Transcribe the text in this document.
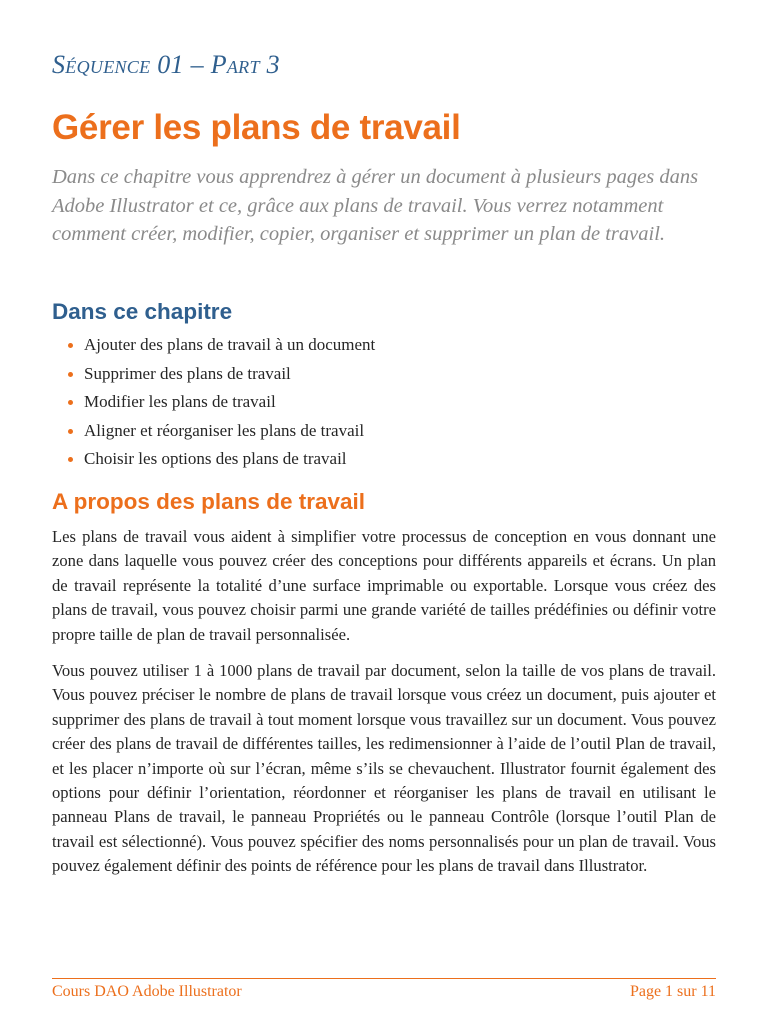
Séquence 01 – Part 3
Gérer les plans de travail
Dans ce chapitre vous apprendrez à gérer un document à plusieurs pages dans Adobe Illustrator et ce, grâce aux plans de travail. Vous verrez notamment comment créer, modifier, copier, organiser et supprimer un plan de travail.
Dans ce chapitre
Ajouter des plans de travail à un document
Supprimer des plans de travail
Modifier les plans de travail
Aligner et réorganiser les plans de travail
Choisir les options des plans de travail
A propos des plans de travail

Les plans de travail vous aident à simplifier votre processus de conception en vous donnant une zone dans laquelle vous pouvez créer des conceptions pour différents appareils et écrans. Un plan de travail représente la totalité d’une surface imprimable ou exportable. Lorsque vous créez des plans de travail, vous pouvez choisir parmi une grande variété de tailles prédéfinies ou définir votre propre taille de plan de travail personnalisée.

Vous pouvez utiliser 1 à 1000 plans de travail par document, selon la taille de vos plans de travail. Vous pouvez préciser le nombre de plans de travail lorsque vous créez un document, puis ajouter et supprimer des plans de travail à tout moment lorsque vous travaillez sur un document. Vous pouvez créer des plans de travail de différentes tailles, les redimensionner à l’aide de l’outil Plan de travail, et les placer n’importe où sur l’écran, même s’ils se chevauchent. Illustrator fournit également des options pour définir l’orientation, réordonner et réorganiser les plans de travail en utilisant le panneau Plans de travail, le panneau Propriétés ou le panneau Contrôle (lorsque l’outil Plan de travail est sélectionné). Vous pouvez spécifier des noms personnalisés pour un plan de travail. Vous pouvez également définir des points de référence pour les plans de travail dans Illustrator.

Cours DAO Adobe Illustrator	Page 1 sur 11
